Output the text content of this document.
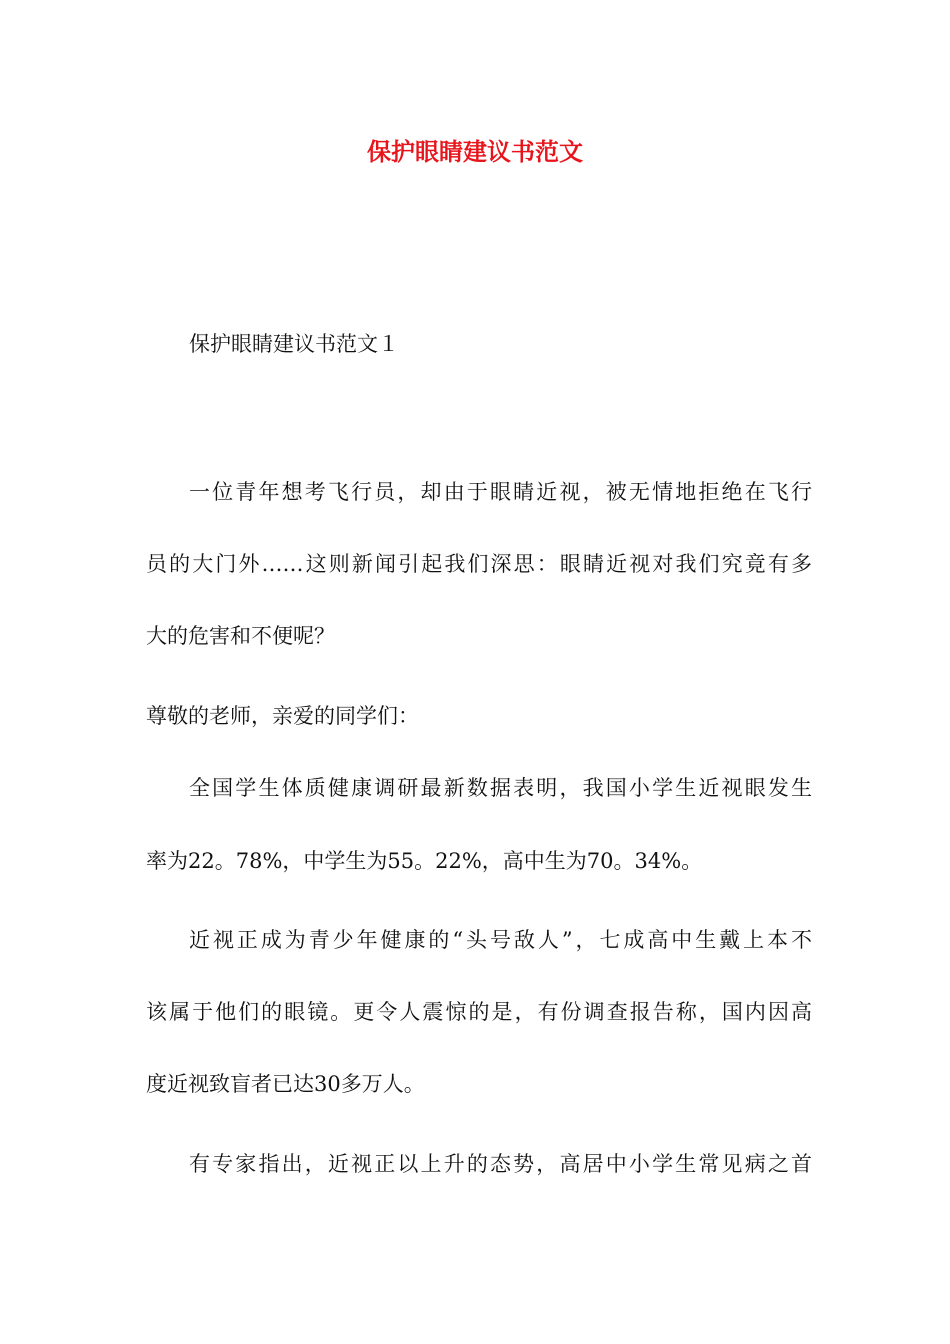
保护眼睛建议书范文

保护眼睛建议书范文１

一位青年想考飞行员，却由于眼睛近视，被无情地拒绝在飞行

员的大门外……这则新闻引起我们深思：眼睛近视对我们究竟有多

大的危害和不便呢？

尊敬的老师，亲爱的同学们：

全国学生体质健康调研最新数据表明，我国小学生近视眼发生

率为22。78%，中学生为55。22%，高中生为70。34%。

近视正成为青少年健康的“头号敌人”，七成高中生戴上本不

该属于他们的眼镜。更令人震惊的是，有份调查报告称，国内因高

度近视致盲者已达30多万人。

有专家指出，近视正以上升的态势，高居中小学生常见病之首
